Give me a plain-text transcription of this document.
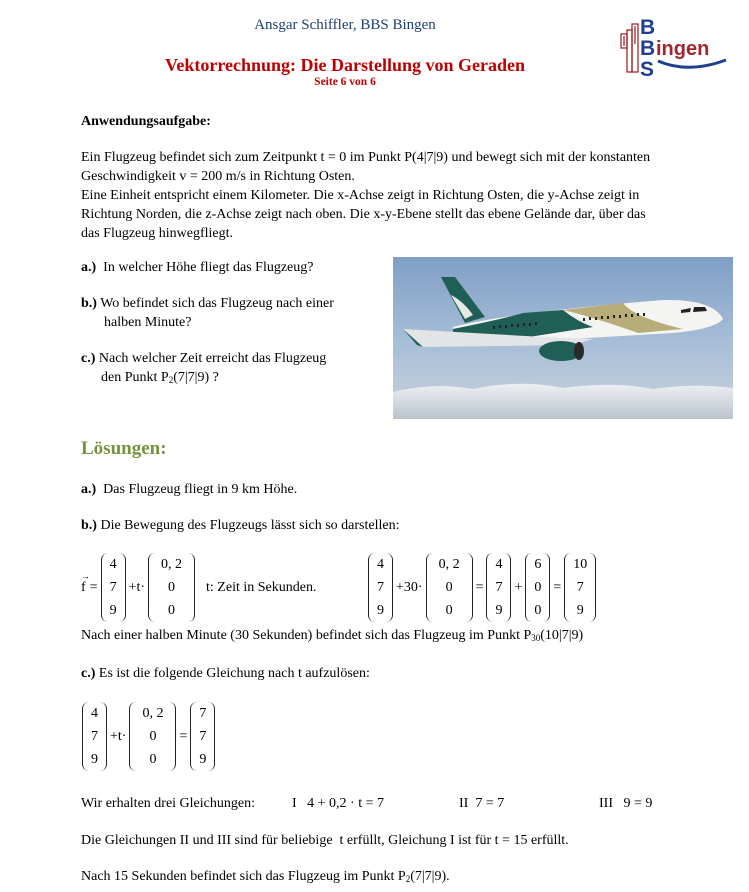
Ansgar Schiffler, BBS Bingen
Vektorrechnung: Die Darstellung von Geraden
Seite 6 von 6
B
B
S
ingen
Anwendungsaufgabe:
Ein Flugzeug befindet sich zum Zeitpunkt t = 0 im Punkt P(4|7|9) und bewegt sich mit der konstanten
Geschwindigkeit v = 200 m/s in Richtung Osten.
Eine Einheit entspricht einem Kilometer. Die x-Achse zeigt in Richtung Osten, die y-Achse zeigt in
Richtung Norden, die z-Achse zeigt nach oben. Die x-y-Ebene stellt das ebene Gelände dar, über das
das Flugzeug hinwegfliegt.
a.) In welcher Höhe fliegt das Flugzeug?
b.) Wo befindet sich das Flugzeug nach einer
halben Minute?
c.) Nach welcher Zeit erreicht das Flugzeug
den Punkt $P_2(7|7|9)$ ?
Lösungen:
a.) Das Flugzeug fliegt in 9 km Höhe.
b.) Die Bewegung des Flugzeugs lässt sich so darstellen:
→ f =
4
7
9
+t·
0, 2
0
0
t: Zeit in Sekunden.
4
7
9
+30·
0, 2
0
0
=
4
7
9
+
6
0
0
=
10
7
9
Nach einer halben Minute (30 Sekunden) befindet sich das Flugzeug im Punkt $P_{30}(10|7|9)$
c.) Es ist die folgende Gleichung nach t aufzulösen:
4
7
9
+t·
0, 2
0
0
=
7
7
9
Wir erhalten drei Gleichungen:	I   4 + 0,2 · t = 7	II  7 = 7	III   9 = 9
Die Gleichungen II und III sind für beliebige  t erfüllt, Gleichung I ist für t = 15 erfüllt.
Nach 15 Sekunden befindet sich das Flugzeug im Punkt $P_2(7|7|9)$.
